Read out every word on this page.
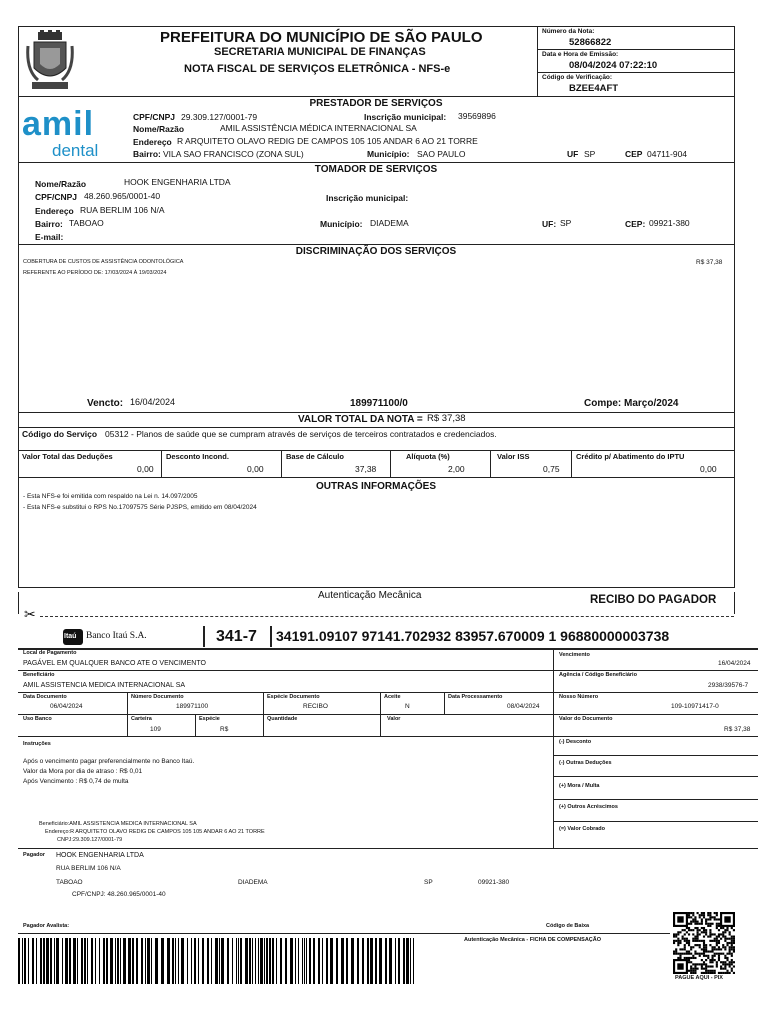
PREFEITURA DO MUNICÍPIO DE SÃO PAULO
SECRETARIA MUNICIPAL DE FINANÇAS
NOTA FISCAL DE SERVIÇOS ELETRÔNICA - NFS-e
Número da Nota:
52866822
Data e Hora de Emissão:
08/04/2024 07:22:10
Código de Verificação:
BZEE4AFT
PRESTADOR DE SERVIÇOS
amil
dental
CPF/CNPJ 29.309.127/0001-79	Inscrição municipal: 39569896
Nome/Razão	AMIL ASSISTÊNCIA MÉDICA INTERNACIONAL SA
Endereço R ARQUITETO OLAVO REDIG DE CAMPOS 105 105 ANDAR 6 AO 21 TORRE
Bairro: VILA SAO FRANCISCO (ZONA SUL)	Município: SAO PAULO	UF SP	CEP 04711-904
TOMADOR DE SERVIÇOS
Nome/Razão	HOOK ENGENHARIA LTDA
CPF/CNPJ 48.260.965/0001-40	Inscrição municipal:
Endereço RUA BERLIM 106 N/A
Bairro: TABOAO	Município: DIADEMA	UF: SP	CEP: 09921-380
E-mail:
DISCRIMINAÇÃO DOS SERVIÇOS
COBERTURA DE CUSTOS DE ASSISTÊNCIA ODONTOLÓGICA
REFERENTE AO PERÍODO DE: 17/03/2024 À 19/03/2024
R$ 37,38
Vencto: 16/04/2024	189971100/0	Compe: Março/2024
VALOR TOTAL DA NOTA = R$ 37,38
Código do Serviço 05312 - Planos de saúde que se cumpram através de serviços de terceiros contratados e credenciados.
Valor Total das Deduções
0,00
Desconto Incond.
0,00
Base de Cálculo
37,38
Alíquota (%)
2,00
Valor ISS
0,75
Crédito p/ Abatimento do IPTU
0,00
OUTRAS INFORMAÇÕES
- Esta NFS-e foi emitida com respaldo na Lei n. 14.097/2005
- Esta NFS-e substitui o RPS No.17097575 Série PJSPS, emitido em 08/04/2024
Autenticação Mecânica	RECIBO DO PAGADOR
✂
Itaú Banco Itaú S.A.	341-7 34191.09107 97141.702932 83957.670009 1 96880000003738
Local de Pagamento
PAGÁVEL EM QUALQUER BANCO ATE O VENCIMENTO
Vencimento
16/04/2024
Beneficiário
AMIL ASSISTENCIA MEDICA INTERNACIONAL SA
Agência / Código Beneficiário
2938/39576-7
Data Documento
06/04/2024
Número Documento
189971100
Espécie Documento
RECIBO
Aceite
N
Data Processamento
08/04/2024
Nosso Número
109-10971417-0
Uso Banco	Carteira
109
Espécie
R$
Quantidade	Valor	Valor do Documento
R$ 37,38
Instruções
Após o vencimento pagar preferencialmente no Banco Itaú.
Valor da Mora por dia de atraso : R$ 0,01
Após Vencimento : R$ 0,74 de multa
(-) Desconto
(-) Outras Deduções
(+) Mora / Multa
(+) Outros Acréscimos
(=) Valor Cobrado
Beneficiário:AMIL ASSISTENCIA MEDICA INTERNACIONAL SA
Endereço:R ARQUITETO OLAVO REDIG DE CAMPOS 105 105 ANDAR 6 AO 21 TORRE
CNPJ:29.309.127/0001-79
Pagador HOOK ENGENHARIA LTDA
RUA BERLIM 106 N/A
TABOAO	DIADEMA	SP	09921-380
CPF/CNPJ: 48.260.965/0001-40
Pagador Avalista:	Código de Baixa
Autenticação Mecânica - FICHA DE COMPENSAÇÃO
PAGUE AQUI - PIX
